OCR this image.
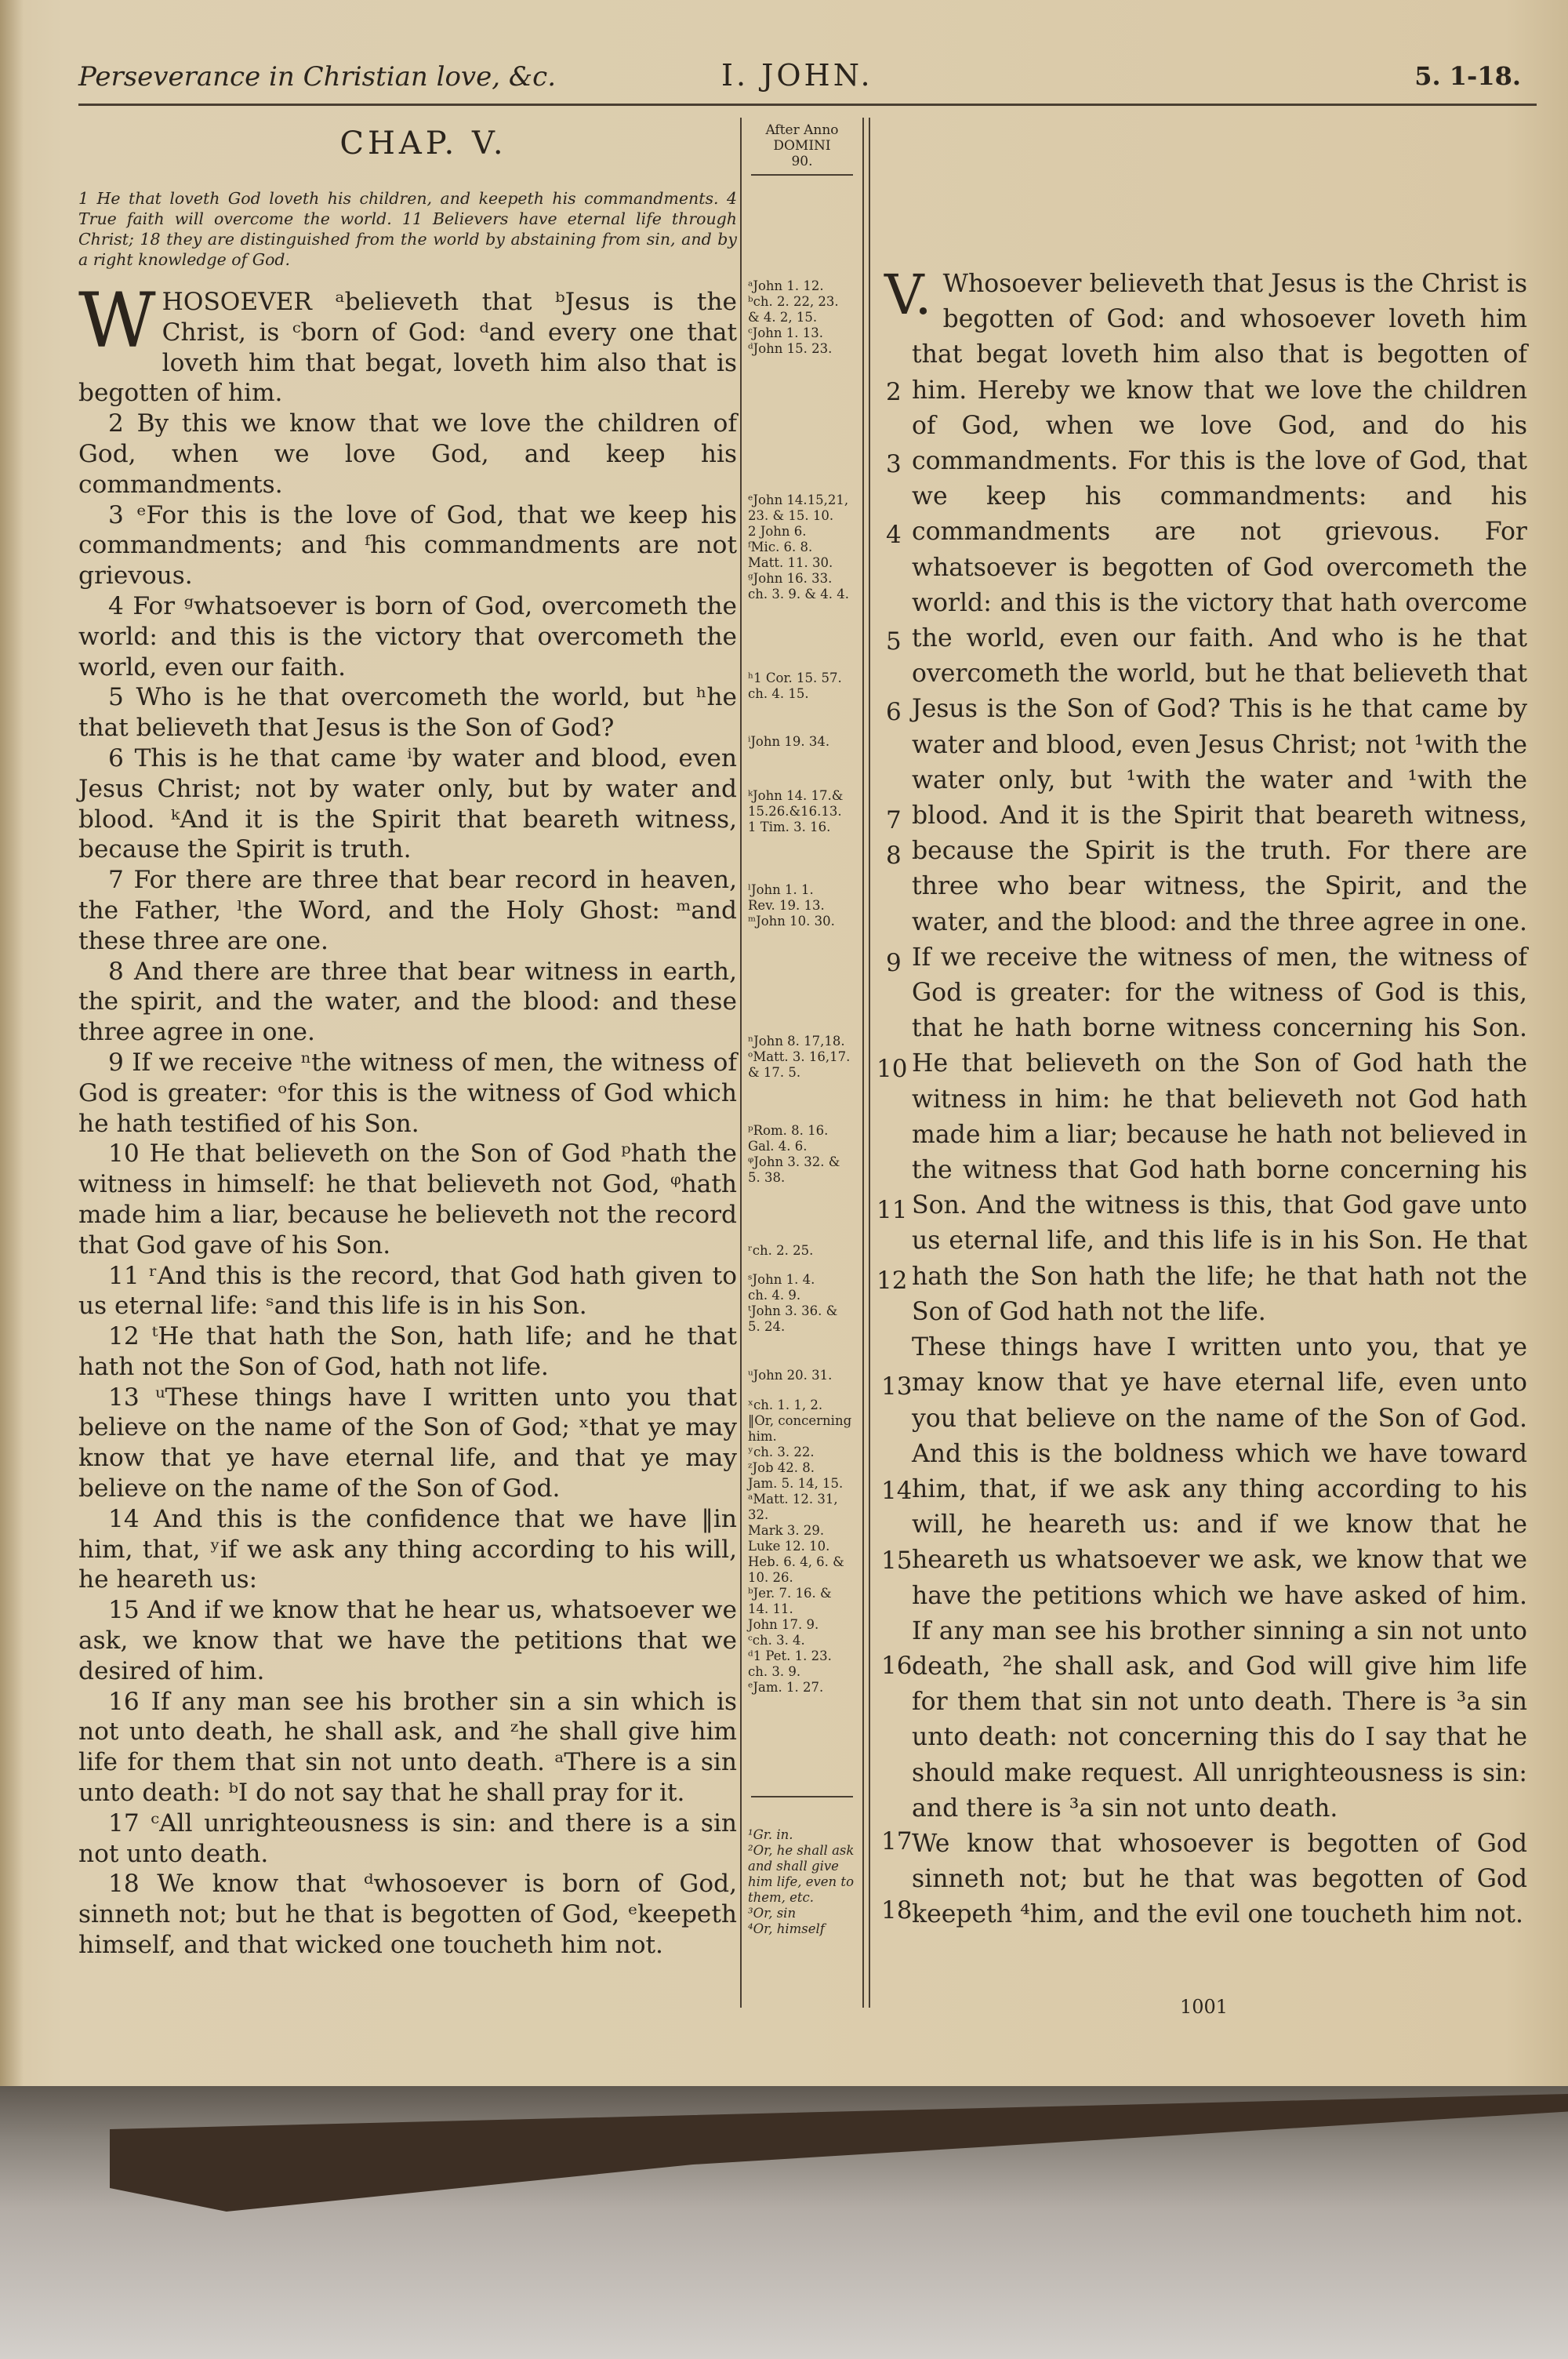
Perseverance in Christian love, &c.	I. JOHN.	5. 1-18.
CHAP. V.
1 He that loveth God loveth his children, and keepeth his commandments. 4 True faith will overcome the world. 11 Believers have eternal life through Christ; 18 they are distinguished from the world by abstaining from sin, and by a right knowledge of God.

WHOSOEVER ᵃbelieveth that ᵇJesus is the Christ, is ᶜborn of God: ᵈand every one that loveth him that begat, loveth him also that is begotten of him.

2 By this we know that we love the children of God, when we love God, and keep his commandments.

3 ᵉFor this is the love of God, that we keep his commandments; and ᶠhis commandments are not grievous.

4 For ᵍwhatsoever is born of God, overcometh the world: and this is the victory that overcometh the world, even our faith.

5 Who is he that overcometh the world, but ʰhe that believeth that Jesus is the Son of God?

6 This is he that came ⁱby water and blood, even Jesus Christ; not by water only, but by water and blood. ᵏAnd it is the Spirit that beareth witness, because the Spirit is truth.

7 For there are three that bear record in heaven, the Father, ˡthe Word, and the Holy Ghost: ᵐand these three are one.

8 And there are three that bear witness in earth, the spirit, and the water, and the blood: and these three agree in one.

9 If we receive ⁿthe witness of men, the witness of God is greater: ᵒfor this is the witness of God which he hath testified of his Son.

10 He that believeth on the Son of God ᵖhath the witness in himself: he that believeth not God, ᵠhath made him a liar, because he believeth not the record that God gave of his Son.

11 ʳAnd this is the record, that God hath given to us eternal life: ˢand this life is in his Son.

12 ᵗHe that hath the Son, hath life; and he that hath not the Son of God, hath not life.

13 ᵘThese things have I written unto you that believe on the name of the Son of God; ˣthat ye may know that ye have eternal life, and that ye may believe on the name of the Son of God.

14 And this is the confidence that we have ‖in him, that, ʸif we ask any thing according to his will, he heareth us:

15 And if we know that he hear us, whatsoever we ask, we know that we have the petitions that we desired of him.

16 If any man see his brother sin a sin which is not unto death, he shall ask, and ᶻhe shall give him life for them that sin not unto death. ᵃThere is a sin unto death: ᵇI do not say that he shall pray for it.

17 ᶜAll unrighteousness is sin: and there is a sin not unto death.

18 We know that ᵈwhosoever is born of God, sinneth not; but he that is begotten of God, ᵉkeepeth himself, and that wicked one toucheth him not.

After Anno
DOMINI
90.
ᵃJohn 1. 12.
ᵇch. 2. 22, 23.
& 4. 2, 15.
ᶜJohn 1. 13.
ᵈJohn 15. 23.
ᵉJohn 14.15,21,
23. & 15. 10.
2 John 6.
ᶠMic. 6. 8.
Matt. 11. 30.
ᵍJohn 16. 33.
ch. 3. 9. & 4. 4.
ʰ1 Cor. 15. 57.
ch. 4. 15.
ⁱJohn 19. 34.
ᵏJohn 14. 17.&
15.26.&16.13.
1 Tim. 3. 16.
ˡJohn 1. 1.
Rev. 19. 13.
ᵐJohn 10. 30.
ⁿJohn 8. 17,18.
ᵒMatt. 3. 16,17.
& 17. 5.
ᵖRom. 8. 16.
Gal. 4. 6.
ᵠJohn 3. 32. &
5. 38.
ʳch. 2. 25.
ˢJohn 1. 4.
ch. 4. 9.
ᵗJohn 3. 36. &
5. 24.
ᵘJohn 20. 31.
ˣch. 1. 1, 2.
‖Or, concerning him.
ʸch. 3. 22.
ᶻJob 42. 8.
Jam. 5. 14, 15.
ᵃMatt. 12. 31, 32.
Mark 3. 29.
Luke 12. 10.
Heb. 6. 4, 6. &
10. 26.
ᵇJer. 7. 16. &
14. 11.
John 17. 9.
ᶜch. 3. 4.
ᵈ1 Pet. 1. 23.
ch. 3. 9.
ᵉJam. 1. 27.
¹Gr. in.
²Or, he shall ask and shall give him life, even to them, etc.
³Or, sin
⁴Or, himself
V. Whosoever believeth that Jesus is the Christ is begotten of God: and whosoever loveth him that begat loveth him also that is begotten of him. Hereby we know that we love the children of God, when we love God, and do his commandments. For this is the love of God, that we keep his commandments: and his commandments are not grievous. For whatsoever is begotten of God overcometh the world: and this is the victory that hath overcome the world, even our faith. And who is he that overcometh the world, but he that believeth that Jesus is the Son of God? This is he that came by water and blood, even Jesus Christ; not ¹with the water only, but ¹with the water and ¹with the blood. And it is the Spirit that beareth witness, because the Spirit is the truth. For there are three who bear witness, the Spirit, and the water, and the blood: and the three agree in one. If we receive the witness of men, the witness of God is greater: for the witness of God is this, that he hath borne witness concerning his Son. He that believeth on the Son of God hath the witness in him: he that believeth not God hath made him a liar; because he hath not believed in the witness that God hath borne concerning his Son. And the witness is this, that God gave unto us eternal life, and this life is in his Son. He that hath the Son hath the life; he that hath not the Son of God hath not the life.
These things have I written unto you, that ye may know that ye have eternal life, even unto you that believe on the name of the Son of God. And this is the boldness which we have toward him, that, if we ask any thing according to his will, he heareth us: and if we know that he heareth us whatsoever we ask, we know that we have the petitions which we have asked of him. If any man see his brother sinning a sin not unto death, ²he shall ask, and God will give him life for them that sin not unto death. There is ³a sin unto death: not concerning this do I say that he should make request. All unrighteousness is sin: and there is ³a sin not unto death.
We know that whosoever is begotten of God sinneth not; but he that was begotten of God keepeth ⁴him, and the evil one toucheth him not.
2
3
4
5
6
7
8
9
10
11
12
13
14
15
16
17
18
1001
